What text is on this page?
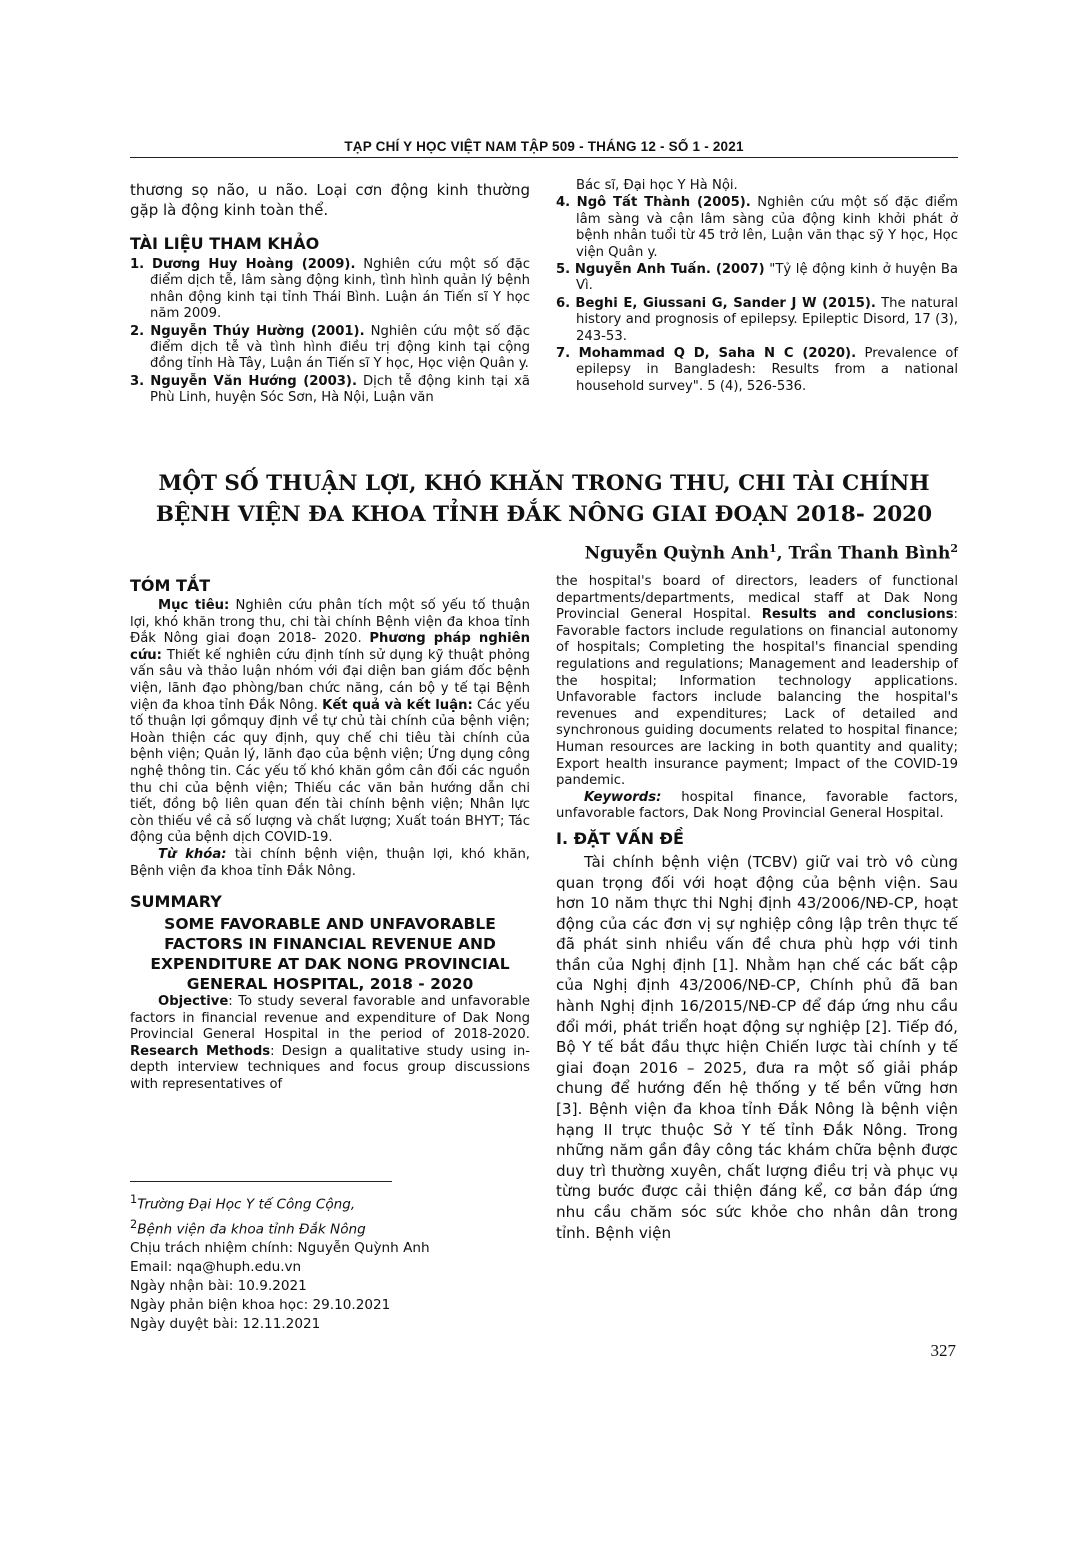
TẠP CHÍ Y HỌC VIỆT NAM TẬP 509 - THÁNG 12 - SỐ 1 - 2021

thương sọ não, u não. Loại cơn động kinh thường gặp là động kinh toàn thể.

TÀI LIỆU THAM KHẢO

1. Dương Huy Hoàng (2009). Nghiên cứu một số đặc điểm dịch tễ, lâm sàng động kinh, tình hình quản lý bệnh nhân động kinh tại tỉnh Thái Bình. Luận án Tiến sĩ Y học năm 2009.

2. Nguyễn Thúy Hường (2001). Nghiên cứu một số đặc điểm dịch tễ và tình hình điều trị động kinh tại cộng đồng tỉnh Hà Tây, Luận án Tiến sĩ Y học, Học viện Quân y.

3. Nguyễn Văn Hướng (2003). Dịch tễ động kinh tại xã Phù Linh, huyện Sóc Sơn, Hà Nội, Luận văn

Bác sĩ, Đại học Y Hà Nội.

4. Ngô Tất Thành (2005). Nghiên cứu một số đặc điểm lâm sàng và cận lâm sàng của động kinh khởi phát ở bệnh nhân tuổi từ 45 trở lên, Luận văn thạc sỹ Y học, Học viện Quân y.

5. Nguyễn Anh Tuấn. (2007) "Tỷ lệ động kinh ở huyện Ba Vì.

6. Beghi E, Giussani G, Sander J W (2015). The natural history and prognosis of epilepsy. Epileptic Disord, 17 (3), 243-53.

7. Mohammad Q D, Saha N C (2020). Prevalence of epilepsy in Bangladesh: Results from a national household survey". 5 (4), 526-536.

MỘT SỐ THUẬN LỢI, KHÓ KHĂN TRONG THU, CHI TÀI CHÍNH
BỆNH VIỆN ĐA KHOA TỈNH ĐẮK NÔNG GIAI ĐOẠN 2018- 2020
Nguyễn Quỳnh Anh$^1$, Trần Thanh Bình$^2$
TÓM TẮT

Mục tiêu: Nghiên cứu phân tích một số yếu tố thuận lợi, khó khăn trong thu, chi tài chính Bệnh viện đa khoa tỉnh Đắk Nông giai đoạn 2018- 2020. Phương pháp nghiên cứu: Thiết kế nghiên cứu định tính sử dụng kỹ thuật phỏng vấn sâu và thảo luận nhóm với đại diện ban giám đốc bệnh viện, lãnh đạo phòng/ban chức năng, cán bộ y tế tại Bệnh viện đa khoa tỉnh Đắk Nông. Kết quả và kết luận: Các yếu tố thuận lợi gồmquy định về tự chủ tài chính của bệnh viện; Hoàn thiện các quy định, quy chế chi tiêu tài chính của bệnh viện; Quản lý, lãnh đạo của bệnh viện; Ứng dụng công nghệ thông tin. Các yếu tố khó khăn gồm cân đối các nguồn thu chi của bệnh viện; Thiếu các văn bản hướng dẫn chi tiết, đồng bộ liên quan đến tài chính bệnh viện; Nhân lực còn thiếu về cả số lượng và chất lượng; Xuất toán BHYT; Tác động của bệnh dịch COVID-19.

Từ khóa: tài chính bệnh viện, thuận lợi, khó khăn, Bệnh viện đa khoa tỉnh Đắk Nông.

SUMMARY
SOME FAVORABLE AND UNFAVORABLE FACTORS IN FINANCIAL REVENUE AND EXPENDITURE AT DAK NONG PROVINCIAL GENERAL HOSPITAL, 2018 - 2020

Objective: To study several favorable and unfavorable factors in financial revenue and expenditure of Dak Nong Provincial General Hospital in the period of 2018-2020. Research Methods: Design a qualitative study using in-depth interview techniques and focus group discussions with representatives of

$^1$Trường Đại Học Y tế Công Cộng,
$^2$Bệnh viện đa khoa tỉnh Đắk Nông
Chịu trách nhiệm chính: Nguyễn Quỳnh Anh
Email: nqa@huph.edu.vn
Ngày nhận bài: 10.9.2021
Ngày phản biện khoa học: 29.10.2021
Ngày duyệt bài: 12.11.2021

the hospital's board of directors, leaders of functional departments/departments, medical staff at Dak Nong Provincial General Hospital. Results and conclusions: Favorable factors include regulations on financial autonomy of hospitals; Completing the hospital's financial spending regulations and regulations; Management and leadership of the hospital; Information technology applications. Unfavorable factors include balancing the hospital's revenues and expenditures; Lack of detailed and synchronous guiding documents related to hospital finance; Human resources are lacking in both quantity and quality; Export health insurance payment; Impact of the COVID-19 pandemic.

Keywords: hospital finance, favorable factors, unfavorable factors, Dak Nong Provincial General Hospital.

I. ĐẶT VẤN ĐỀ

Tài chính bệnh viện (TCBV) giữ vai trò vô cùng quan trọng đối với hoạt động của bệnh viện. Sau hơn 10 năm thực thi Nghị định 43/2006/NĐ-CP, hoạt động của các đơn vị sự nghiệp công lập trên thực tế đã phát sinh nhiều vấn đề chưa phù hợp với tinh thần của Nghị định [1]. Nhằm hạn chế các bất cập của Nghị định 43/2006/NĐ-CP, Chính phủ đã ban hành Nghị định 16/2015/NĐ-CP để đáp ứng nhu cầu đổi mới, phát triển hoạt động sự nghiệp [2]. Tiếp đó, Bộ Y tế bắt đầu thực hiện Chiến lược tài chính y tế giai đoạn 2016 – 2025, đưa ra một số giải pháp chung để hướng đến hệ thống y tế bền vững hơn [3]. Bệnh viện đa khoa tỉnh Đắk Nông là bệnh viện hạng II trực thuộc Sở Y tế tỉnh Đắk Nông. Trong những năm gần đây công tác khám chữa bệnh được duy trì thường xuyên, chất lượng điều trị và phục vụ từng bước được cải thiện đáng kể, cơ bản đáp ứng nhu cầu chăm sóc sức khỏe cho nhân dân trong tỉnh. Bệnh viện

327
